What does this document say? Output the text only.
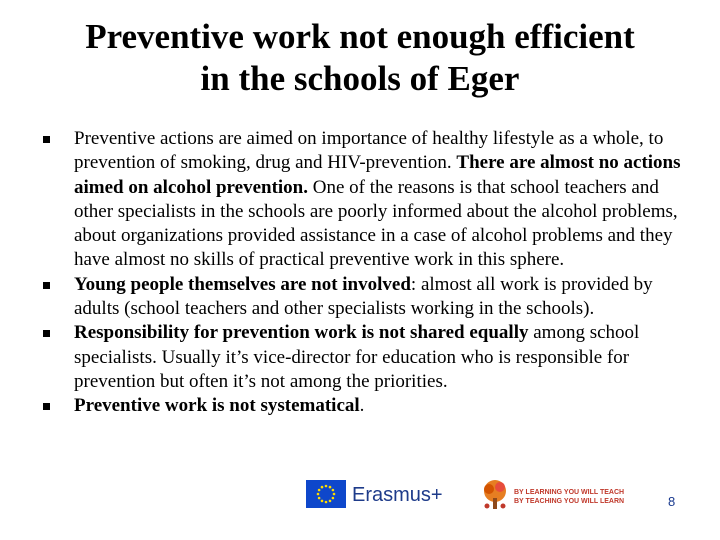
Preventive work not enough efficient
in the schools of Eger
Preventive actions are aimed on importance of healthy lifestyle as a whole, to prevention of smoking, drug and HIV-prevention. There are almost no actions aimed on alcohol prevention. One of the reasons is that school teachers and other specialists in the schools are poorly informed about the alcohol problems, about organizations provided assistance in a case of alcohol problems and they have almost no skills of practical preventive work in this sphere.
Young people themselves are not involved: almost all work is provided by adults (school teachers and other specialists working in the schools).
Responsibility for prevention work is not shared equally among school specialists. Usually it’s vice-director for education who is responsible for prevention but often it’s not among the priorities.
Preventive work is not systematical.
Erasmus+	BY LEARNING YOU WILL TEACH
BY TEACHING YOU WILL LEARN	8
